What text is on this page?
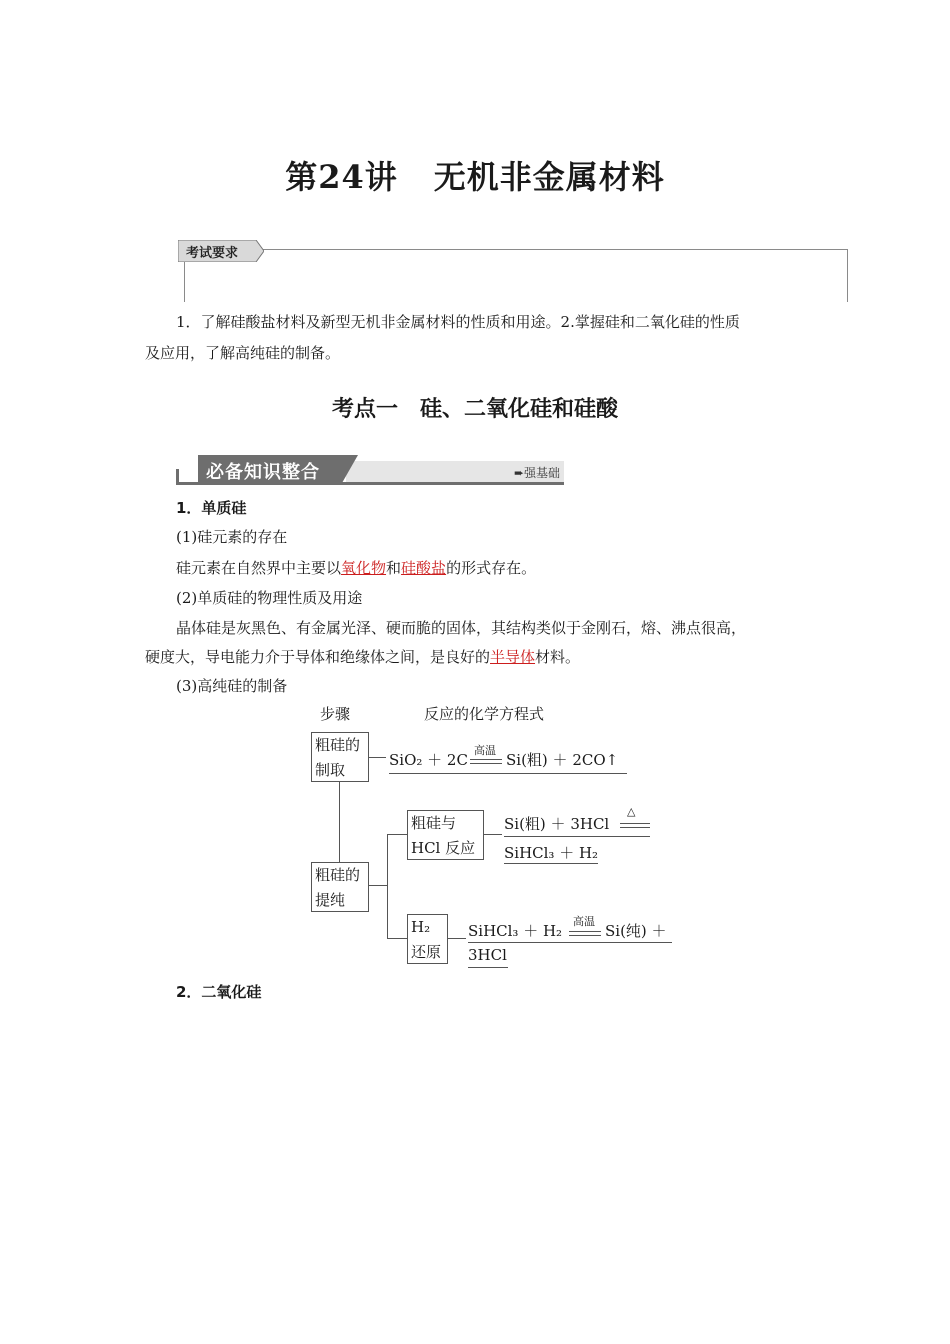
第24讲 无机非金属材料
考试要求
1．了解硅酸盐材料及新型无机非金属材料的性质和用途。2.掌握硅和二氧化硅的性质
及应用，了解高纯硅的制备。
考点一 硅、二氧化硅和硅酸
必备知识整合	➨强基础
1．单质硅
(1)硅元素的存在
硅元素在自然界中主要以氧化物和硅酸盐的形式存在。
(2)单质硅的物理性质及用途
晶体硅是灰黑色、有金属光泽、硬而脆的固体，其结构类似于金刚石，熔、沸点很高，
硬度大，导电能力介于导体和绝缘体之间，是良好的半导体材料。
(3)高纯硅的制备
步骤	反应的化学方程式
粗硅的
制取
粗硅的
提纯
粗硅与
HCl 反应
H₂
还原
SiO₂ ＋ 2C
高温
Si(粗) ＋ 2CO↑
Si(粗) ＋ 3HCl
△
SiHCl₃ ＋ H₂
SiHCl₃ ＋ H₂
高温
Si(纯) ＋
3HCl
2．二氧化硅
